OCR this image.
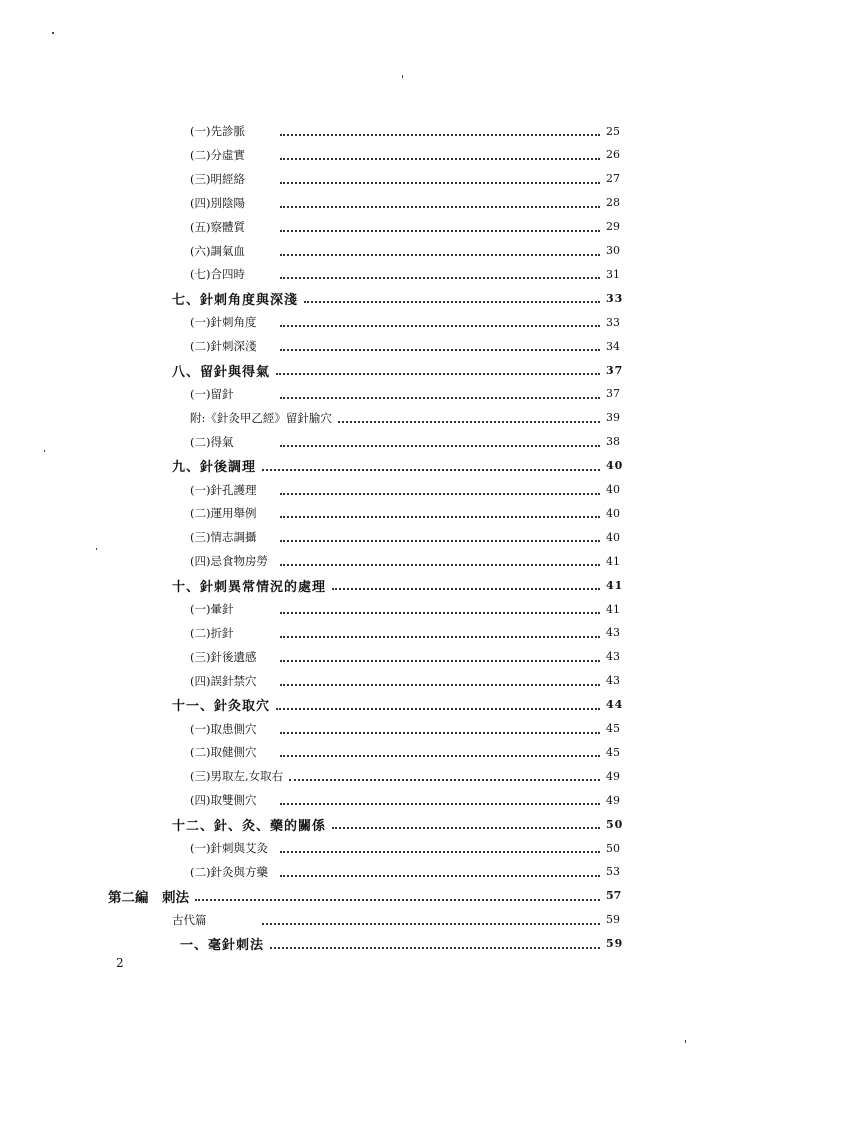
(一)先診脈	25
(二)分虛實	26
(三)明經絡	27
(四)別陰陽	28
(五)察體質	29
(六)調氣血	30
(七)合四時	31
七、針刺角度與深淺	33
(一)針刺角度	33
(二)針刺深淺	34
八、留針與得氣	37
(一)留針	37
附:《針灸甲乙經》留針腧穴	39
(二)得氣	38
九、針後調理	40
(一)針孔護理	40
(二)運用舉例	40
(三)情志調攝	40
(四)忌食物房勞	41
十、針刺異常情況的處理	41
(一)暈針	41
(二)折針	43
(三)針後遺感	43
(四)誤針禁穴	43
十一、針灸取穴	44
(一)取患側穴	45
(二)取健側穴	45
(三)男取左,女取右	49
(四)取雙側穴	49
十二、針、灸、藥的關係	50
(一)針刺與艾灸	50
(二)針灸與方藥	53
第二編　刺法	57
古代篇	59
一、毫針刺法	59
2
